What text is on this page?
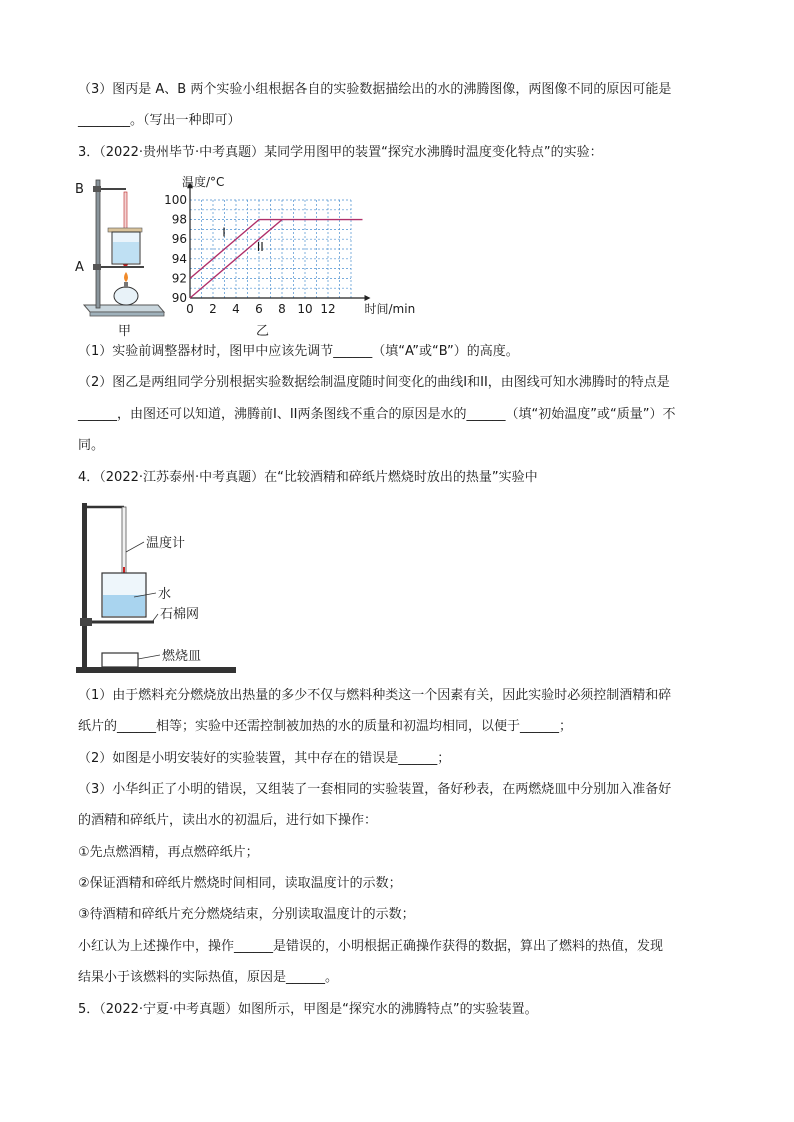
（3）图丙是 A、B 两个实验小组根据各自的实验数据描绘出的水的沸腾图像，两图像不同的原因可能是
________。（写出一种即可）
3．（2022·贵州毕节·中考真题）某同学用图甲的装置“探究水沸腾时温度变化特点”的实验：
B
A
甲
0 2 4 6 8 10 12
90
92
94
96
98
100
温度/°C
时间/min
I
II
乙
（1）实验前调整器材时，图甲中应该先调节______（填“A”或“B”）的高度。
（2）图乙是两组同学分别根据实验数据绘制温度随时间变化的曲线I和II，由图线可知水沸腾时的特点是
______，由图还可以知道，沸腾前I、II两条图线不重合的原因是水的______（填“初始温度”或“质量”）不
同。
4．（2022·江苏泰州·中考真题）在“比较酒精和碎纸片燃烧时放出的热量”实验中
温度计
水
石棉网
燃烧皿
（1）由于燃料充分燃烧放出热量的多少不仅与燃料种类这一个因素有关，因此实验时必须控制酒精和碎
纸片的______相等；实验中还需控制被加热的水的质量和初温均相同，以便于______；
（2）如图是小明安装好的实验装置，其中存在的错误是______；
（3）小华纠正了小明的错误，又组装了一套相同的实验装置，备好秒表，在两燃烧皿中分别加入准备好
的酒精和碎纸片，读出水的初温后，进行如下操作：
①先点燃酒精，再点燃碎纸片；
②保证酒精和碎纸片燃烧时间相同，读取温度计的示数；
③待酒精和碎纸片充分燃烧结束，分别读取温度计的示数；
小红认为上述操作中，操作______是错误的，小明根据正确操作获得的数据，算出了燃料的热值，发现
结果小于该燃料的实际热值，原因是______。
5．（2022·宁夏·中考真题）如图所示，甲图是“探究水的沸腾特点”的实验装置。
